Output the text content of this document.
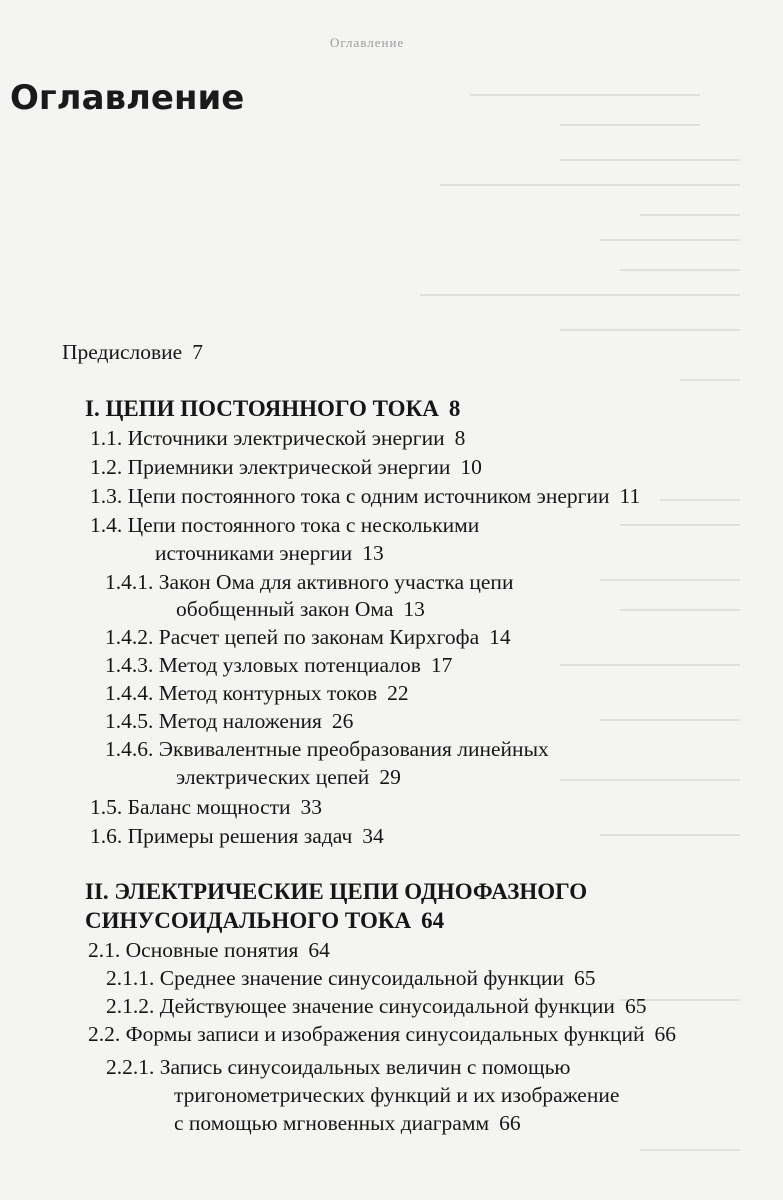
Оглавление
Оглавление
Предисловие 7
I. ЦЕПИ ПОСТОЯННОГО ТОКА 8
1.1. Источники электрической энергии 8
1.2. Приемники электрической энергии 10
1.3. Цепи постоянного тока с одним источником энергии 11
1.4. Цепи постоянного тока с несколькими
источниками энергии 13
1.4.1. Закон Ома для активного участка цепи
обобщенный закон Ома 13
1.4.2. Расчет цепей по законам Кирхгофа 14
1.4.3. Метод узловых потенциалов 17
1.4.4. Метод контурных токов 22
1.4.5. Метод наложения 26
1.4.6. Эквивалентные преобразования линейных
электрических цепей 29
1.5. Баланс мощности 33
1.6. Примеры решения задач 34
II. ЭЛЕКТРИЧЕСКИЕ ЦЕПИ ОДНОФАЗНОГО
СИНУСОИДАЛЬНОГО ТОКА 64
2.1. Основные понятия 64
2.1.1. Среднее значение синусоидальной функции 65
2.1.2. Действующее значение синусоидальной функции 65
2.2. Формы записи и изображения синусоидальных функций 66
2.2.1. Запись синусоидальных величин с помощью
тригонометрических функций и их изображение
с помощью мгновенных диаграмм 66
